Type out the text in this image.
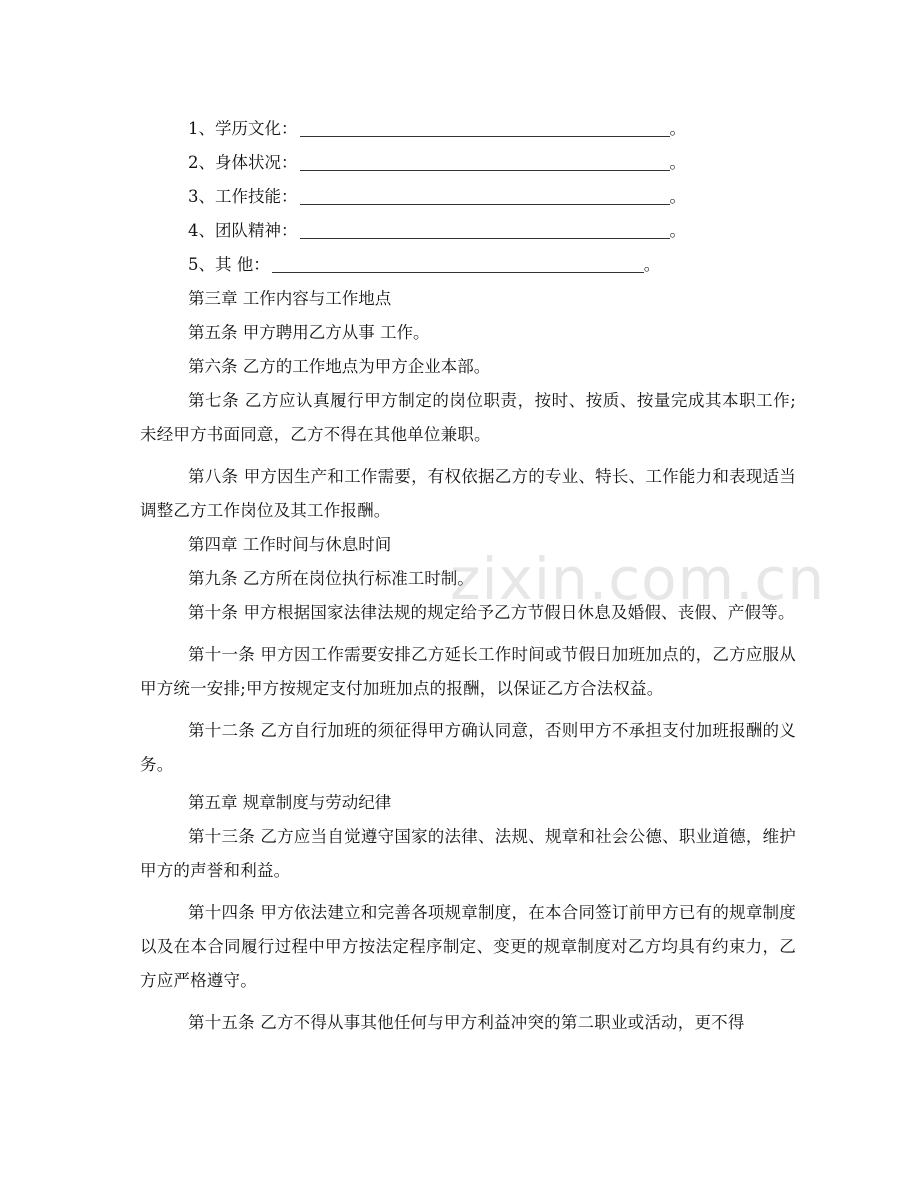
zixin.com.cn
1、学历文化：	。
2、身体状况：	。
3、工作技能：	。
4、团队精神：	。
5、其 他：	。
第三章 工作内容与工作地点
第五条 甲方聘用乙方从事 工作。
第六条 乙方的工作地点为甲方企业本部。

第七条 乙方应认真履行甲方制定的岗位职责，按时、按质、按量完成其本职工作;未经甲方书面同意，乙方不得在其他单位兼职。

第八条 甲方因生产和工作需要，有权依据乙方的专业、特长、工作能力和表现适当调整乙方工作岗位及其工作报酬。

第四章 工作时间与休息时间
第九条 乙方所在岗位执行标准工时制。

第十条 甲方根据国家法律法规的规定给予乙方节假日休息及婚假、丧假、产假等。

第十一条 甲方因工作需要安排乙方延长工作时间或节假日加班加点的，乙方应服从甲方统一安排;甲方按规定支付加班加点的报酬，以保证乙方合法权益。

第十二条 乙方自行加班的须征得甲方确认同意，否则甲方不承担支付加班报酬的义务。

第五章 规章制度与劳动纪律

第十三条 乙方应当自觉遵守国家的法律、法规、规章和社会公德、职业道德，维护甲方的声誉和利益。

第十四条 甲方依法建立和完善各项规章制度，在本合同签订前甲方已有的规章制度以及在本合同履行过程中甲方按法定程序制定、变更的规章制度对乙方均具有约束力，乙方应严格遵守。

第十五条 乙方不得从事其他任何与甲方利益冲突的第二职业或活动，更不得
